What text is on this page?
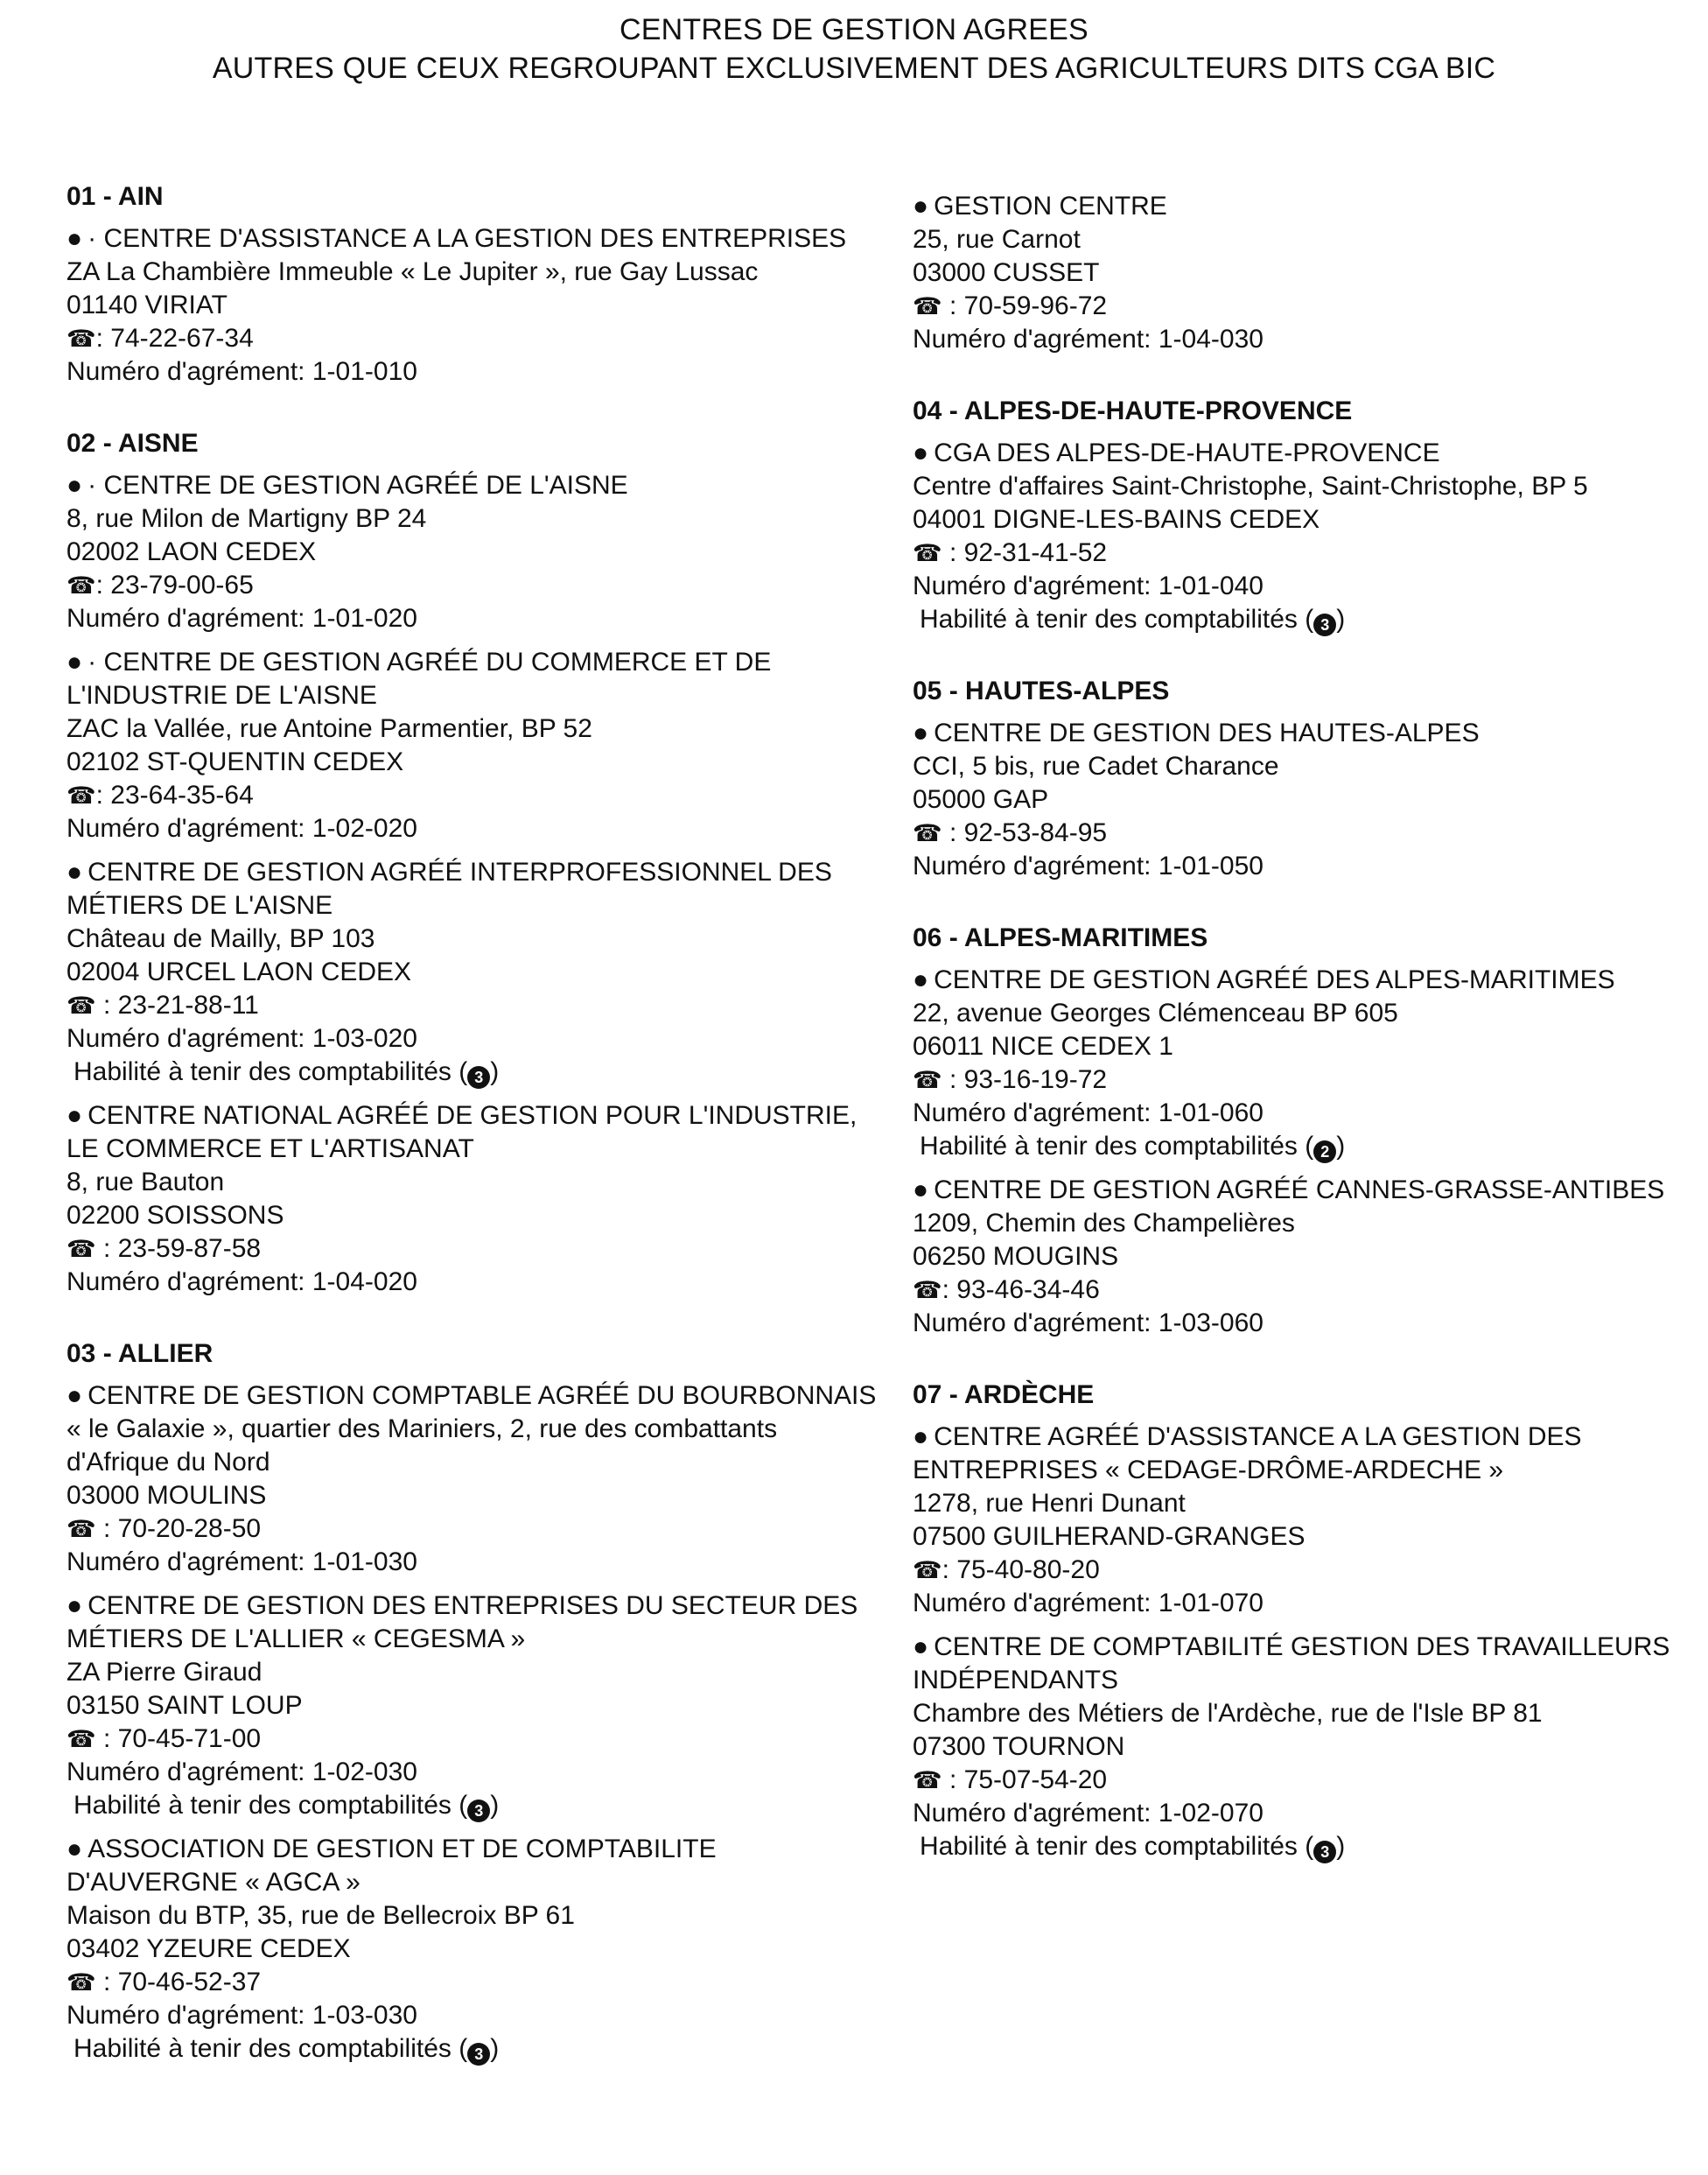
CENTRES DE GESTION AGREES
AUTRES QUE CEUX REGROUPANT EXCLUSIVEMENT DES AGRICULTEURS DITS CGA BIC
01 - AIN
● · CENTRE D'ASSISTANCE A LA GESTION DES ENTREPRISES
ZA La Chambière Immeuble « Le Jupiter », rue Gay Lussac
01140 VIRIAT
☎: 74-22-67-34
Numéro d'agrément: 1-01-010
02 - AISNE
● · CENTRE DE GESTION AGRÉÉ DE L'AISNE
8, rue Milon de Martigny BP 24
02002 LAON CEDEX
☎: 23-79-00-65
Numéro d'agrément: 1-01-020
● · CENTRE DE GESTION AGRÉÉ DU COMMERCE ET DE L'INDUSTRIE DE L'AISNE
ZAC la Vallée, rue Antoine Parmentier, BP 52
02102 ST-QUENTIN CEDEX
☎: 23-64-35-64
Numéro d'agrément: 1-02-020
● CENTRE DE GESTION AGRÉÉ INTERPROFESSIONNEL DES MÉTIERS DE L'AISNE
Château de Mailly, BP 103
02004 URCEL LAON CEDEX
☎ : 23-21-88-11
Numéro d'agrément: 1-03-020
Habilité à tenir des comptabilités ( 3 )
● CENTRE NATIONAL AGRÉÉ DE GESTION POUR L'INDUSTRIE, LE COMMERCE ET L'ARTISANAT
8, rue Bauton
02200 SOISSONS
☎ : 23-59-87-58
Numéro d'agrément: 1-04-020
03 - ALLIER
● CENTRE DE GESTION COMPTABLE AGRÉÉ DU BOURBONNAIS
« le Galaxie », quartier des Mariniers, 2, rue des combattants d'Afrique du Nord
03000 MOULINS
☎ : 70-20-28-50
Numéro d'agrément: 1-01-030
● CENTRE DE GESTION DES ENTREPRISES DU SECTEUR DES MÉTIERS DE L'ALLIER « CEGESMA »
ZA Pierre Giraud
03150 SAINT LOUP
☎ : 70-45-71-00
Numéro d'agrément: 1-02-030
Habilité à tenir des comptabilités ( 3 )
● ASSOCIATION DE GESTION ET DE COMPTABILITE D'AUVERGNE « AGCA »
Maison du BTP, 35, rue de Bellecroix BP 61
03402 YZEURE CEDEX
☎ : 70-46-52-37
Numéro d'agrément: 1-03-030
Habilité à tenir des comptabilités ( 3 )
● GESTION CENTRE
25, rue Carnot
03000 CUSSET
☎ : 70-59-96-72
Numéro d'agrément: 1-04-030
04 - ALPES-DE-HAUTE-PROVENCE
● CGA DES ALPES-DE-HAUTE-PROVENCE
Centre d'affaires Saint-Christophe, Saint-Christophe, BP 5
04001 DIGNE-LES-BAINS CEDEX
☎ : 92-31-41-52
Numéro d'agrément: 1-01-040
Habilité à tenir des comptabilités ( 3 )
05 - HAUTES-ALPES
● CENTRE DE GESTION DES HAUTES-ALPES
CCI, 5 bis, rue Cadet Charance
05000 GAP
☎ : 92-53-84-95
Numéro d'agrément: 1-01-050
06 - ALPES-MARITIMES
● CENTRE DE GESTION AGRÉÉ DES ALPES-MARITIMES
22, avenue Georges Clémenceau BP 605
06011 NICE CEDEX 1
☎ : 93-16-19-72
Numéro d'agrément: 1-01-060
Habilité à tenir des comptabilités ( 2 )
● CENTRE DE GESTION AGRÉÉ CANNES-GRASSE-ANTIBES
1209, Chemin des Champelières
06250 MOUGINS
☎: 93-46-34-46
Numéro d'agrément: 1-03-060
07 - ARDÈCHE
● CENTRE AGRÉÉ D'ASSISTANCE A LA GESTION DES ENTREPRISES « CEDAGE-DRÔME-ARDECHE »
1278, rue Henri Dunant
07500 GUILHERAND-GRANGES
☎: 75-40-80-20
Numéro d'agrément: 1-01-070
● CENTRE DE COMPTABILITÉ GESTION DES TRAVAILLEURS INDÉPENDANTS
Chambre des Métiers de l'Ardèche, rue de l'Isle BP 81
07300 TOURNON
☎ : 75-07-54-20
Numéro d'agrément: 1-02-070
Habilité à tenir des comptabilités ( 3 )
